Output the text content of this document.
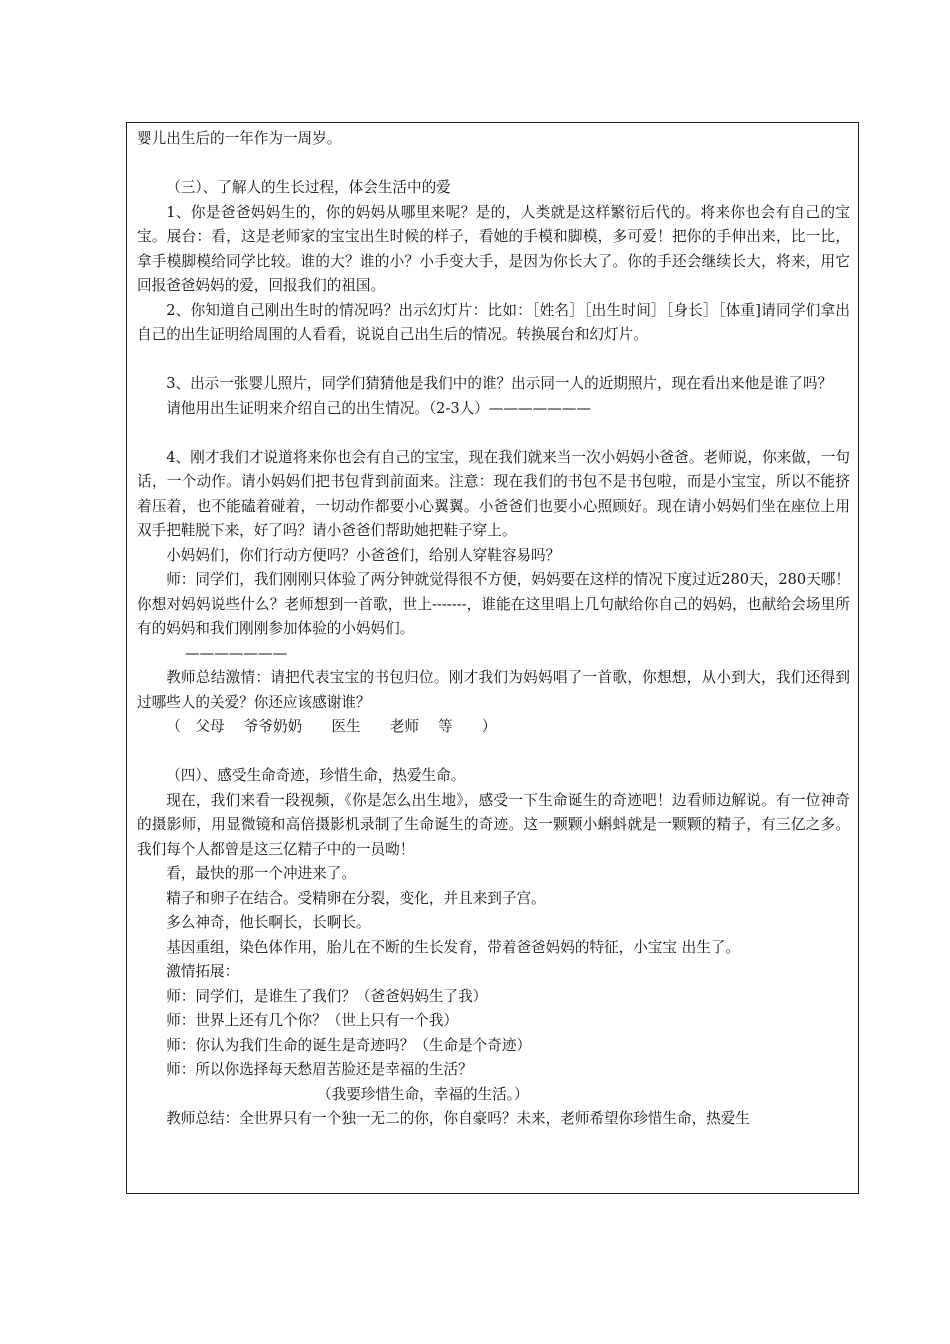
婴儿出生后的一年作为一周岁。

（三）、了解人的生长过程，体会生活中的爱

1、你是爸爸妈妈生的，你的妈妈从哪里来呢？是的，人类就是这样繁衍后代的。将来你也会有自己的宝宝。展台：看，这是老师家的宝宝出生时候的样子，看她的手模和脚模，多可爱！把你的手伸出来，比一比，拿手模脚模给同学比较。谁的大？谁的小？小手变大手，是因为你长大了。你的手还会继续长大，将来，用它回报爸爸妈妈的爱，回报我们的祖国。

2、你知道自己刚出生时的情况吗？出示幻灯片：比如：［姓名］［出生时间］［身长］［体重]请同学们拿出自己的出生证明给周围的人看看，说说自己出生后的情况。转换展台和幻灯片。

3、出示一张婴儿照片，同学们猜猜他是我们中的谁？出示同一人的近期照片，现在看出来他是谁了吗？

请他用出生证明来介绍自己的出生情况。（2-3人）———————

4、刚才我们才说道将来你也会有自己的宝宝，现在我们就来当一次小妈妈小爸爸。老师说，你来做，一句话，一个动作。请小妈妈们把书包背到前面来。注意：现在我们的书包不是书包啦，而是小宝宝，所以不能挤着压着，也不能磕着碰着，一切动作都要小心翼翼。小爸爸们也要小心照顾好。现在请小妈妈们坐在座位上用双手把鞋脱下来，好了吗？请小爸爸们帮助她把鞋子穿上。

小妈妈们，你们行动方便吗？小爸爸们，给别人穿鞋容易吗？

师：同学们，我们刚刚只体验了两分钟就觉得很不方便，妈妈要在这样的情况下度过近280天，280天哪！你想对妈妈说些什么？老师想到一首歌，世上-------，谁能在这里唱上几句献给你自己的妈妈，也献给会场里所有的妈妈和我们刚刚参加体验的小妈妈们。

———————

教师总结激情：请把代表宝宝的书包归位。刚才我们为妈妈唱了一首歌，你想想，从小到大，我们还得到过哪些人的关爱？你还应该感谢谁？

（　父母　 爷爷奶奶　　医生　　老师　 等　　）

（四）、感受生命奇迹，珍惜生命，热爱生命。

现在，我们来看一段视频，《你是怎么出生地》，感受一下生命诞生的奇迹吧！边看师边解说。有一位神奇的摄影师，用显微镜和高倍摄影机录制了生命诞生的奇迹。这一颗颗小蝌蚪就是一颗颗的精子，有三亿之多。我们每个人都曾是这三亿精子中的一员呦！

看，最快的那一个冲进来了。

精子和卵子在结合。受精卵在分裂，变化，并且来到子宫。

多么神奇，他长啊长，长啊长。

基因重组，染色体作用，胎儿在不断的生长发育，带着爸爸妈妈的特征，小宝宝 出生了。

激情拓展：

师：同学们，是谁生了我们？（爸爸妈妈生了我）

师：世界上还有几个你？（世上只有一个我）

师：你认为我们生命的诞生是奇迹吗？（生命是个奇迹）

师：所以你选择每天愁眉苦脸还是幸福的生活？

（我要珍惜生命，幸福的生活。）

教师总结：全世界只有一个独一无二的你，你自豪吗？未来，老师希望你珍惜生命，热爱生
